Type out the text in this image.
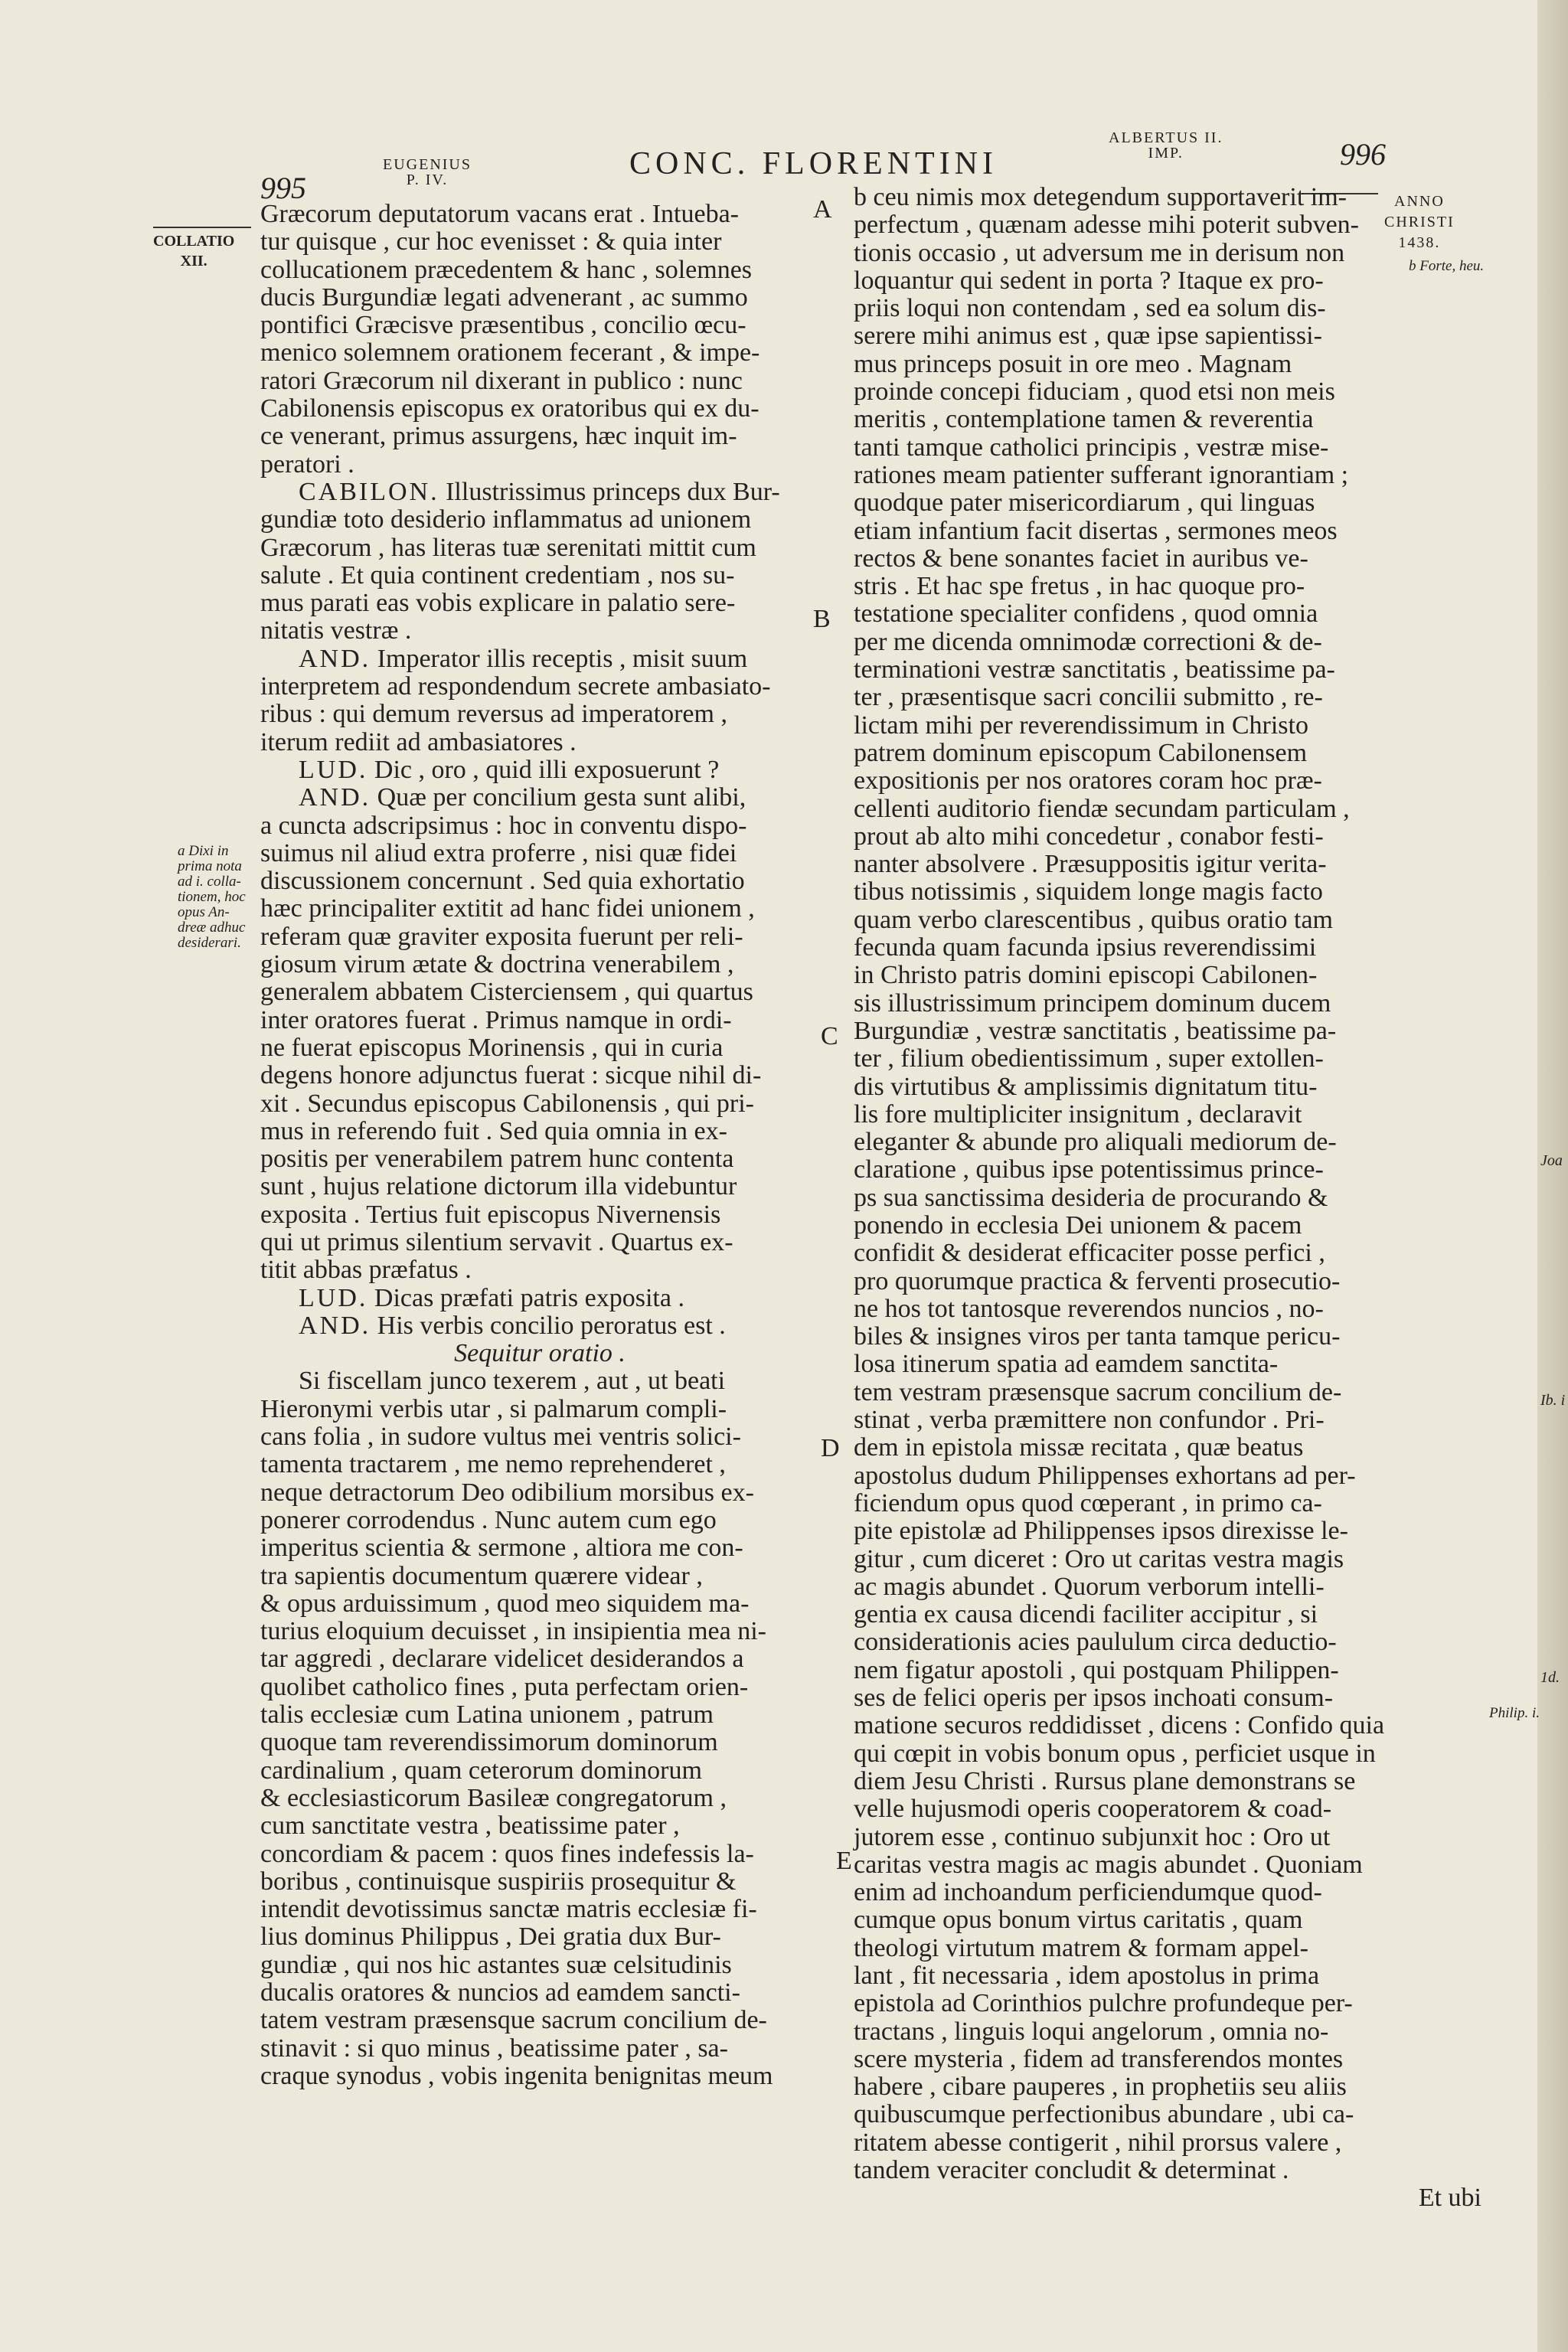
995
EUGENIUS
P. IV.	CONC. FLORENTINI
ALBERTUS II.
IMP.	996
COLLATIO
XII.
a Dixi in
prima nota
ad i. colla-
tionem, hoc
opus An-
dreæ adhuc
desiderari.
ANNO
CHRISTI
1438.
b Forte, heu.
Philip. i.
Joa
Ib. i
1d.
A
B
C
D
E

Græcorum deputatorum vacans erat . Intueba-
tur quisque , cur hoc evenisset : & quia inter
collucationem præcedentem & hanc , solemnes
ducis Burgundiæ legati advenerant , ac summo
pontifici Græcisve præsentibus , concilio œcu-
menico solemnem orationem fecerant , & impe-
ratori Græcorum nil dixerant in publico : nunc
Cabilonensis episcopus ex oratoribus qui ex du-
ce venerant, primus assurgens, hæc inquit im-
peratori .

CABILON. Illustrissimus princeps dux Bur-
gundiæ toto desiderio inflammatus ad unionem
Græcorum , has literas tuæ serenitati mittit cum
salute . Et quia continent credentiam , nos su-
mus parati eas vobis explicare in palatio sere-
nitatis vestræ .

AND. Imperator illis receptis , misit suum
interpretem ad respondendum secrete ambasiato-
ribus : qui demum reversus ad imperatorem ,
iterum rediit ad ambasiatores .

LUD. Dic , oro , quid illi exposuerunt ?

AND. Quæ per concilium gesta sunt alibi,
a cuncta adscripsimus : hoc in conventu dispo-
suimus nil aliud extra proferre , nisi quæ fidei
discussionem concernunt . Sed quia exhortatio
hæc principaliter extitit ad hanc fidei unionem ,
referam quæ graviter exposita fuerunt per reli-
giosum virum ætate & doctrina venerabilem ,
generalem abbatem Cisterciensem , qui quartus
inter oratores fuerat . Primus namque in ordi-
ne fuerat episcopus Morinensis , qui in curia
degens honore adjunctus fuerat : sicque nihil di-
xit . Secundus episcopus Cabilonensis , qui pri-
mus in referendo fuit . Sed quia omnia in ex-
positis per venerabilem patrem hunc contenta
sunt , hujus relatione dictorum illa videbuntur
exposita . Tertius fuit episcopus Nivernensis
qui ut primus silentium servavit . Quartus ex-
titit abbas præfatus .

LUD. Dicas præfati patris exposita .

AND. His verbis concilio peroratus est .

Sequitur oratio .

Si fiscellam junco texerem , aut , ut beati
Hieronymi verbis utar , si palmarum compli-
cans folia , in sudore vultus mei ventris solici-
tamenta tractarem , me nemo reprehenderet ,
neque detractorum Deo odibilium morsibus ex-
ponerer corrodendus . Nunc autem cum ego
imperitus scientia & sermone , altiora me con-
tra sapientis documentum quærere videar ,
& opus arduissimum , quod meo siquidem ma-
turius eloquium decuisset , in insipientia mea ni-
tar aggredi , declarare videlicet desiderandos a
quolibet catholico fines , puta perfectam orien-
talis ecclesiæ cum Latina unionem , patrum
quoque tam reverendissimorum dominorum
cardinalium , quam ceterorum dominorum
& ecclesiasticorum Basileæ congregatorum ,
cum sanctitate vestra , beatissime pater ,
concordiam & pacem : quos fines indefessis la-
boribus , continuisque suspiriis prosequitur &
intendit devotissimus sanctæ matris ecclesiæ fi-
lius dominus Philippus , Dei gratia dux Bur-
gundiæ , qui nos hic astantes suæ celsitudinis
ducalis oratores & nuncios ad eamdem sancti-
tatem vestram præsensque sacrum concilium de-
stinavit : si quo minus , beatissime pater , sa-
craque synodus , vobis ingenita benignitas meum

b ceu nimis mox detegendum supportaverit im-
perfectum , quænam adesse mihi poterit subven-
tionis occasio , ut adversum me in derisum non
loquantur qui sedent in porta ? Itaque ex pro-
priis loqui non contendam , sed ea solum dis-
serere mihi animus est , quæ ipse sapientissi-
mus princeps posuit in ore meo . Magnam
proinde concepi fiduciam , quod etsi non meis
meritis , contemplatione tamen & reverentia
tanti tamque catholici principis , vestræ mise-
rationes meam patienter sufferant ignorantiam ;
quodque pater misericordiarum , qui linguas
etiam infantium facit disertas , sermones meos
rectos & bene sonantes faciet in auribus ve-
stris . Et hac spe fretus , in hac quoque pro-
testatione specialiter confidens , quod omnia
per me dicenda omnimodæ correctioni & de-
terminationi vestræ sanctitatis , beatissime pa-
ter , præsentisque sacri concilii submitto , re-
lictam mihi per reverendissimum in Christo
patrem dominum episcopum Cabilonensem
expositionis per nos oratores coram hoc præ-
cellenti auditorio fiendæ secundam particulam ,
prout ab alto mihi concedetur , conabor festi-
nanter absolvere . Præsuppositis igitur verita-
tibus notissimis , siquidem longe magis facto
quam verbo clarescentibus , quibus oratio tam
fecunda quam facunda ipsius reverendissimi
in Christo patris domini episcopi Cabilonen-
sis illustrissimum principem dominum ducem
Burgundiæ , vestræ sanctitatis , beatissime pa-
ter , filium obedientissimum , super extollen-
dis virtutibus & amplissimis dignitatum titu-
lis fore multipliciter insignitum , declaravit
eleganter & abunde pro aliquali mediorum de-
claratione , quibus ipse potentissimus prince-
ps sua sanctissima desideria de procurando &
ponendo in ecclesia Dei unionem & pacem
confidit & desiderat efficaciter posse perfici ,
pro quorumque practica & ferventi prosecutio-
ne hos tot tantosque reverendos nuncios , no-
biles & insignes viros per tanta tamque pericu-
losa itinerum spatia ad eamdem sanctita-
tem vestram præsensque sacrum concilium de-
stinat , verba præmittere non confundor . Pri-
dem in epistola missæ recitata , quæ beatus
apostolus dudum Philippenses exhortans ad per-
ficiendum opus quod cœperant , in primo ca-
pite epistolæ ad Philippenses ipsos direxisse le-
gitur , cum diceret : Oro ut caritas vestra magis
ac magis abundet . Quorum verborum intelli-
gentia ex causa dicendi faciliter accipitur , si
considerationis acies paululum circa deductio-
nem figatur apostoli , qui postquam Philippen-
ses de felici operis per ipsos inchoati consum-
matione securos reddidisset , dicens : Confido quia
qui cœpit in vobis bonum opus , perficiet usque in
diem Jesu Christi . Rursus plane demonstrans se
velle hujusmodi operis cooperatorem & coad-
jutorem esse , continuo subjunxit hoc : Oro ut
caritas vestra magis ac magis abundet . Quoniam
enim ad inchoandum perficiendumque quod-
cumque opus bonum virtus caritatis , quam
theologi virtutum matrem & formam appel-
lant , fit necessaria , idem apostolus in prima
epistola ad Corinthios pulchre profundeque per-
tractans , linguis loqui angelorum , omnia no-
scere mysteria , fidem ad transferendos montes
habere , cibare pauperes , in prophetiis seu aliis
quibuscumque perfectionibus abundare , ubi ca-
ritatem abesse contigerit , nihil prorsus valere ,
tandem veraciter concludit & determinat .

Et ubi
